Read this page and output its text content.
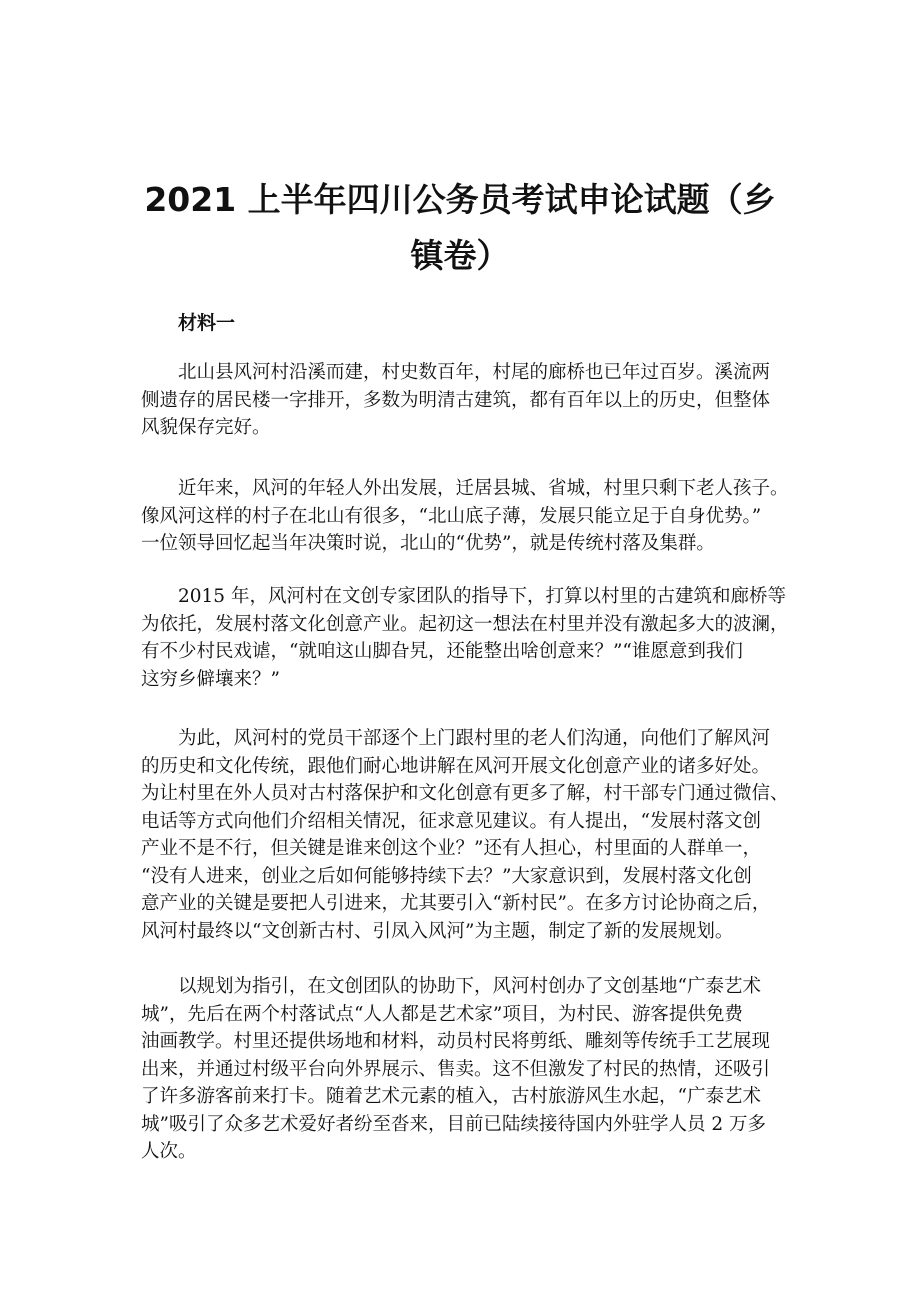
2021 上半年四川公务员考试申论试题（乡
镇卷）
材料一
北山县风河村沿溪而建，村史数百年，村尾的廊桥也已年过百岁。溪流两
侧遗存的居民楼一字排开，多数为明清古建筑，都有百年以上的历史，但整体
风貌保存完好。
近年来，风河的年轻人外出发展，迁居县城、省城，村里只剩下老人孩子。
像风河这样的村子在北山有很多，“北山底子薄，发展只能立足于自身优势。”
一位领导回忆起当年决策时说，北山的“优势”，就是传统村落及集群。
2015 年，风河村在文创专家团队的指导下，打算以村里的古建筑和廊桥等
为依托，发展村落文化创意产业。起初这一想法在村里并没有激起多大的波澜，
有不少村民戏谑，“就咱这山脚旮旯，还能整出啥创意来？”“谁愿意到我们
这穷乡僻壤来？”
为此，风河村的党员干部逐个上门跟村里的老人们沟通，向他们了解风河
的历史和文化传统，跟他们耐心地讲解在风河开展文化创意产业的诸多好处。
为让村里在外人员对古村落保护和文化创意有更多了解，村干部专门通过微信、
电话等方式向他们介绍相关情况，征求意见建议。有人提出，“发展村落文创
产业不是不行，但关键是谁来创这个业？”还有人担心，村里面的人群单一，
“没有人进来，创业之后如何能够持续下去？”大家意识到，发展村落文化创
意产业的关键是要把人引进来，尤其要引入“新村民”。在多方讨论协商之后，
风河村最终以“文创新古村、引凤入风河”为主题，制定了新的发展规划。
以规划为指引，在文创团队的协助下，风河村创办了文创基地“广泰艺术
城”，先后在两个村落试点“人人都是艺术家”项目，为村民、游客提供免费
油画教学。村里还提供场地和材料，动员村民将剪纸、雕刻等传统手工艺展现
出来，并通过村级平台向外界展示、售卖。这不但激发了村民的热情，还吸引
了许多游客前来打卡。随着艺术元素的植入，古村旅游风生水起，“广泰艺术
城”吸引了众多艺术爱好者纷至沓来，目前已陆续接待国内外驻学人员 2 万多
人次。
